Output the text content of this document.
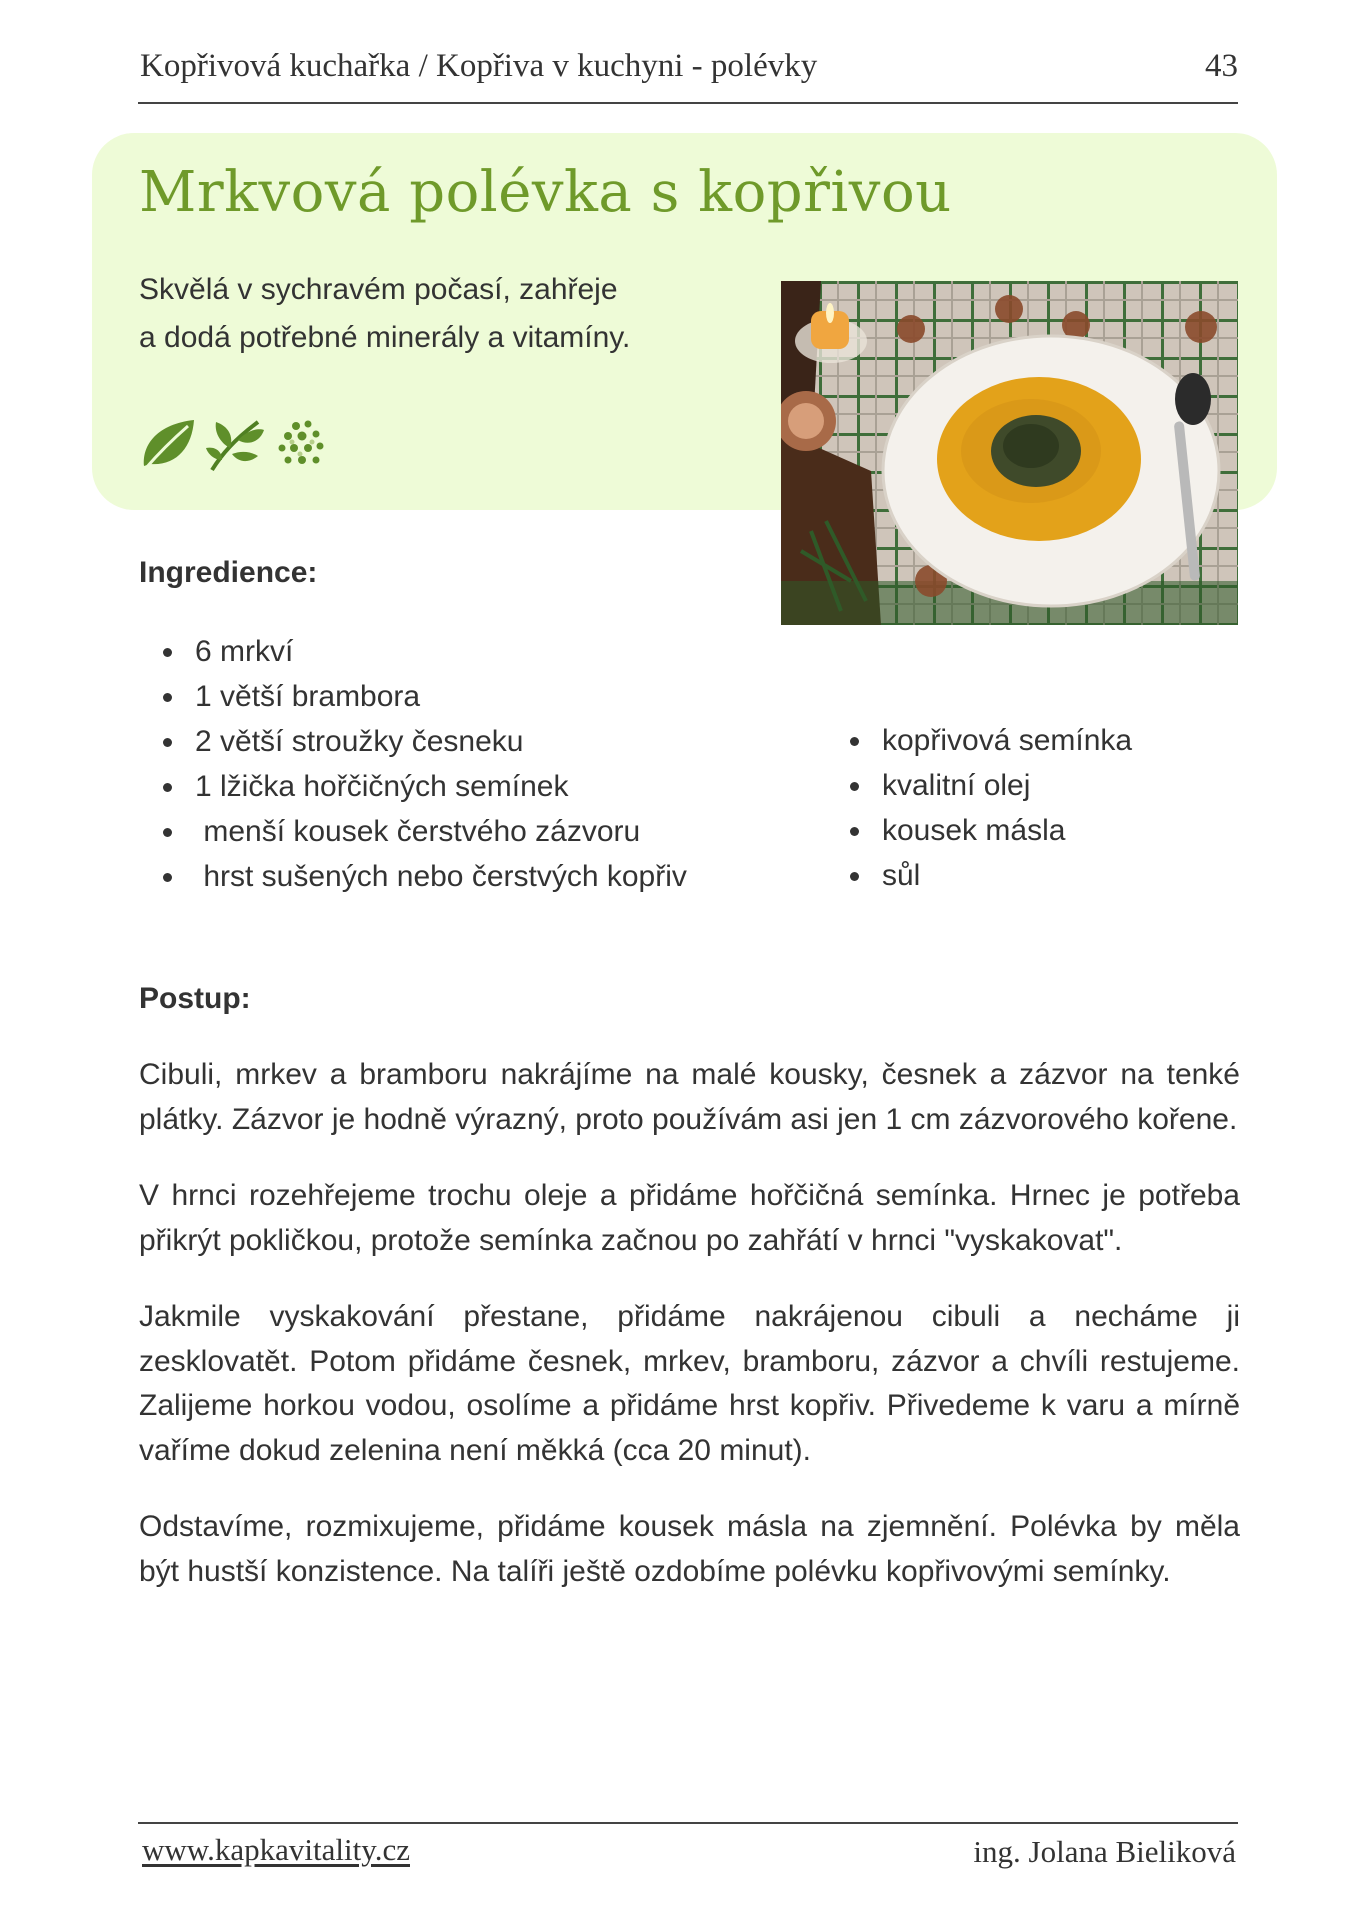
Kopřivová kuchařka / Kopřiva v kuchyni - polévky	43
Mrkvová polévka s kopřivou
Skvělá v sychravém počasí, zahřeje
a dodá potřebné minerály a vitamíny.
Ingredience:
6 mrkví
1 větší brambora
2 větší stroužky česneku
1 lžička hořčičných semínek
menší kousek čerstvého zázvoru
hrst sušených nebo čerstvých kopřiv
kopřivová semínka
kvalitní olej
kousek másla
sůl
Postup:

Cibuli, mrkev a bramboru nakrájíme na malé kousky, česnek a zázvor na tenké plátky. Zázvor je hodně výrazný, proto používám asi jen 1 cm zázvorového kořene.

V hrnci rozehřejeme trochu oleje a přidáme hořčičná semínka. Hrnec je potřeba přikrýt pokličkou, protože semínka začnou po zahřátí v hrnci "vyskakovat".

Jakmile vyskakování přestane, přidáme nakrájenou cibuli a necháme ji zesklovatět. Potom přidáme česnek, mrkev, bramboru, zázvor a chvíli restujeme. Zalijeme horkou vodou, osolíme a přidáme hrst kopřiv. Přivedeme k varu a mírně vaříme dokud zelenina není měkká (cca 20 minut).

Odstavíme, rozmixujeme, přidáme kousek másla na zjemnění. Polévka by měla být hustší konzistence. Na talíři ještě ozdobíme polévku kopřivovými semínky.

www.kapkavitality.cz	ing. Jolana Bieliková
